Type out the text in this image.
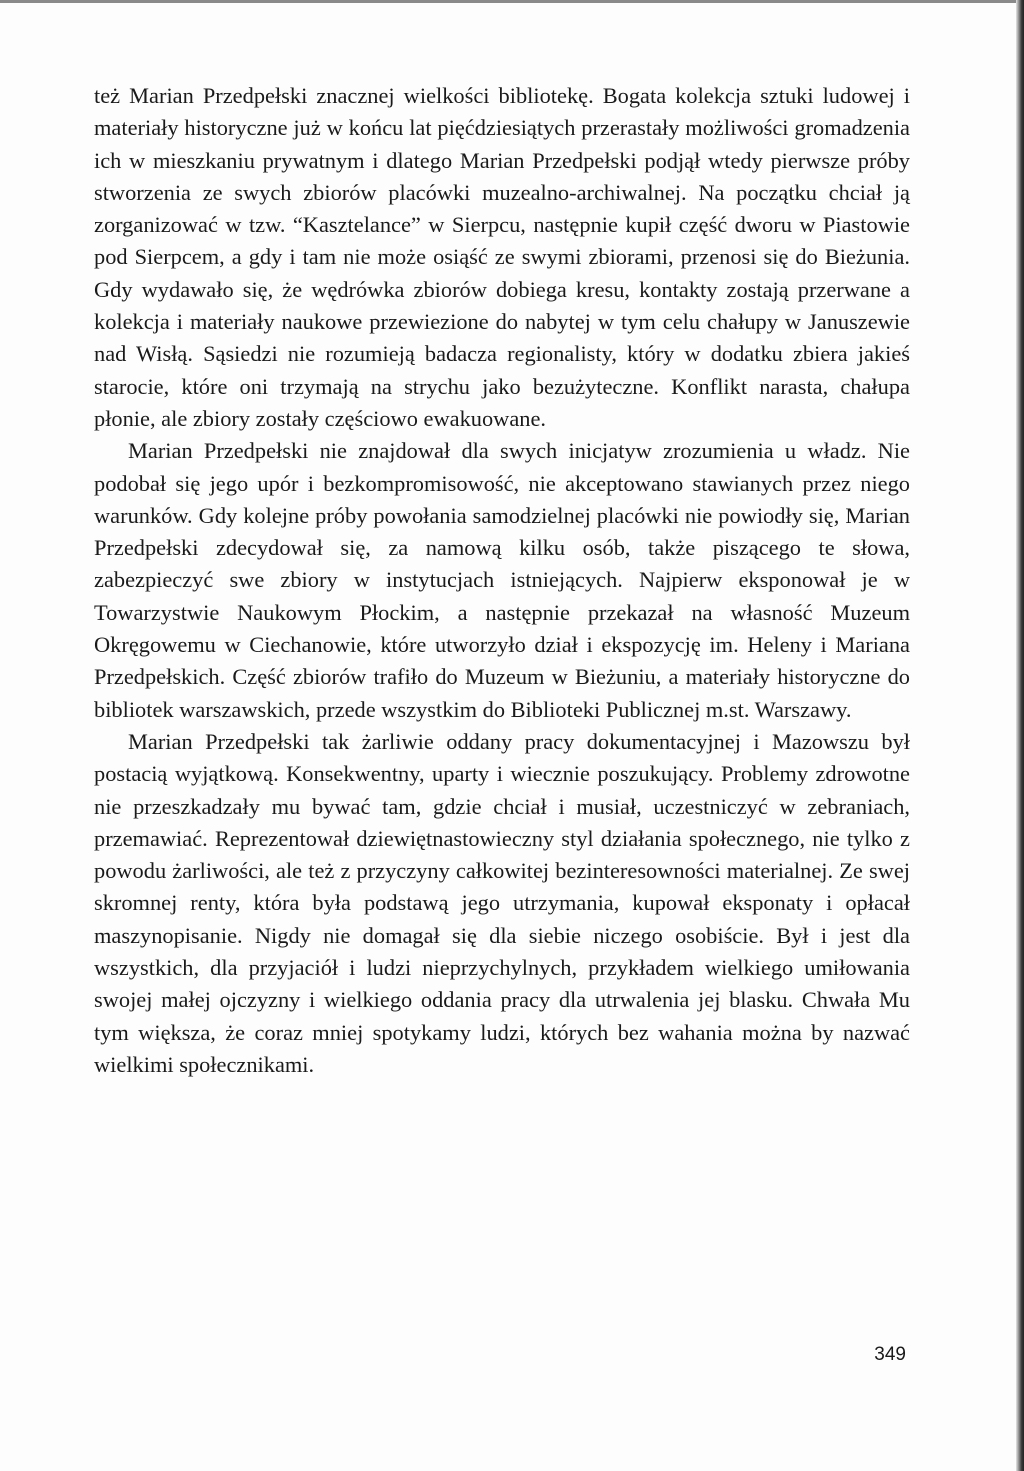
też Marian Przedpełski znacznej wielkości bibliotekę. Bogata kolekcja sztuki ludowej i materiały historyczne już w końcu lat pięćdziesiątych przerastały możliwości gromadzenia ich w mieszkaniu prywatnym i dlatego Marian Przedpełski podjął wtedy pierwsze próby stworzenia ze swych zbiorów placówki muzealno-archiwalnej. Na początku chciał ją zorganizować w tzw. “Kasztelance” w Sierpcu, następnie kupił część dworu w Piastowie pod Sierpcem, a gdy i tam nie może osiąść ze swymi zbiorami, przenosi się do Bieżunia. Gdy wydawało się, że wędrówka zbiorów dobiega kresu, kontakty zostają przerwane a kolekcja i materiały naukowe przewiezione do nabytej w tym celu chałupy w Januszewie nad Wisłą. Sąsiedzi nie rozumieją badacza regionalisty, który w dodatku zbiera jakieś starocie, które oni trzymają na strychu jako bezużyteczne. Konflikt narasta, chałupa płonie, ale zbiory zostały częściowo ewakuowane.

Marian Przedpełski nie znajdował dla swych inicjatyw zrozumienia u władz. Nie podobał się jego upór i bezkompromisowość, nie akceptowano stawianych przez niego warunków. Gdy kolejne próby powołania samodzielnej placówki nie powiodły się, Marian Przedpełski zdecydował się, za namową kilku osób, także piszącego te słowa, zabezpieczyć swe zbiory w instytucjach istniejących. Najpierw eksponował je w Towarzystwie Naukowym Płockim, a następnie przekazał na własność Muzeum Okręgowemu w Ciechanowie, które utworzyło dział i ekspozycję im. Heleny i Mariana Przedpełskich. Część zbiorów trafiło do Muzeum w Bieżuniu, a materiały historyczne do bibliotek warszawskich, przede wszystkim do Biblioteki Publicznej m.st. Warszawy.

Marian Przedpełski tak żarliwie oddany pracy dokumentacyjnej i Mazowszu był postacią wyjątkową. Konsekwentny, uparty i wiecznie poszukujący. Problemy zdrowotne nie przeszkadzały mu bywać tam, gdzie chciał i musiał, uczestniczyć w zebraniach, przemawiać. Reprezentował dziewiętnastowieczny styl działania społecznego, nie tylko z powodu żarliwości, ale też z przyczyny całkowitej bezinteresowności materialnej. Ze swej skromnej renty, która była podstawą jego utrzymania, kupował eksponaty i opłacał maszynopisanie. Nigdy nie domagał się dla siebie niczego osobiście. Był i jest dla wszystkich, dla przyjaciół i ludzi nieprzychylnych, przykładem wielkiego umiłowania swojej małej ojczyzny i wielkiego oddania pracy dla utrwalenia jej blasku. Chwała Mu tym większa, że coraz mniej spotykamy ludzi, których bez wahania można by nazwać wielkimi społecznikami.

349
